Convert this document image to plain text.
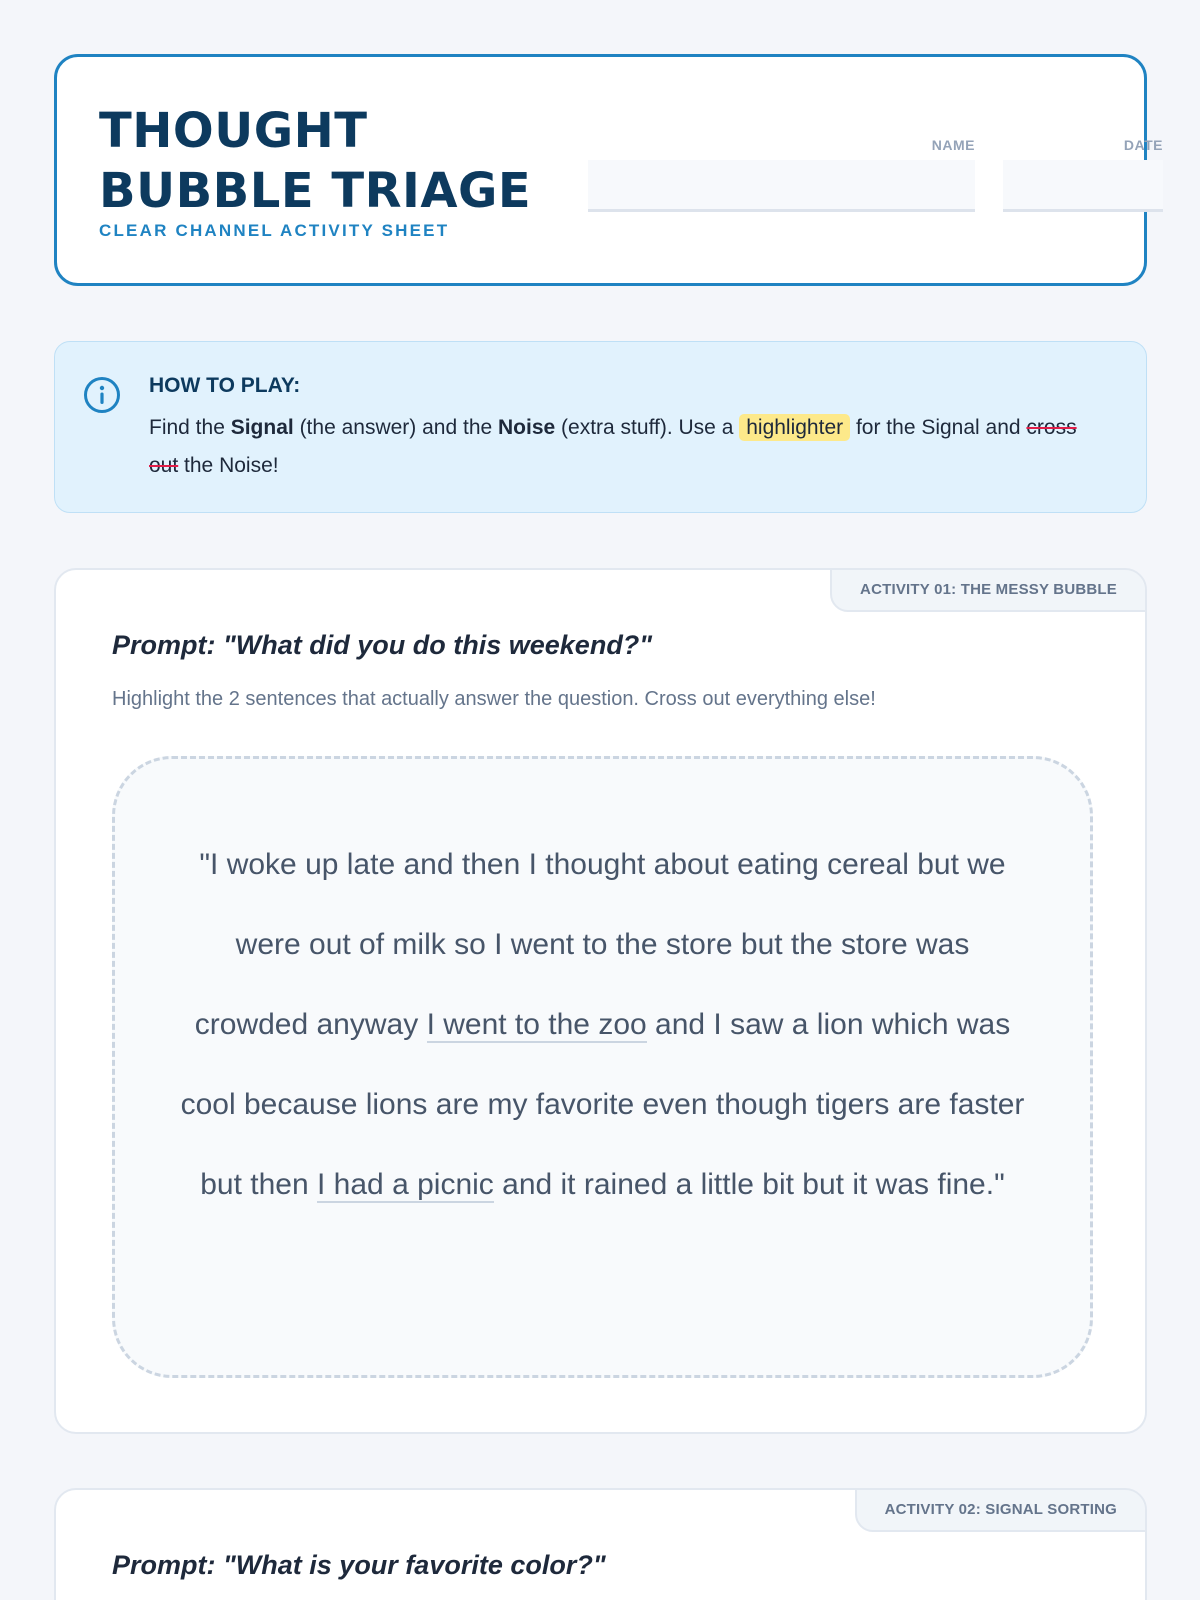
THOUGHT
BUBBLE TRIAGE
CLEAR CHANNEL ACTIVITY SHEET
NAME	DATE
HOW TO PLAY:
Find the Signal (the answer) and the Noise (extra stuff). Use a highlighter for the Signal and cross out the Noise!
ACTIVITY 01: THE MESSY BUBBLE
Prompt: "What did you do this weekend?"
Highlight the 2 sentences that actually answer the question. Cross out everything else!
"I woke up late and then I thought about eating cereal but we were out of milk so I went to the store but the store was crowded anyway I went to the zoo and I saw a lion which was cool because lions are my favorite even though tigers are faster but then I had a picnic and it rained a little bit but it was fine."
ACTIVITY 02: SIGNAL SORTING
Prompt: "What is your favorite color?"
